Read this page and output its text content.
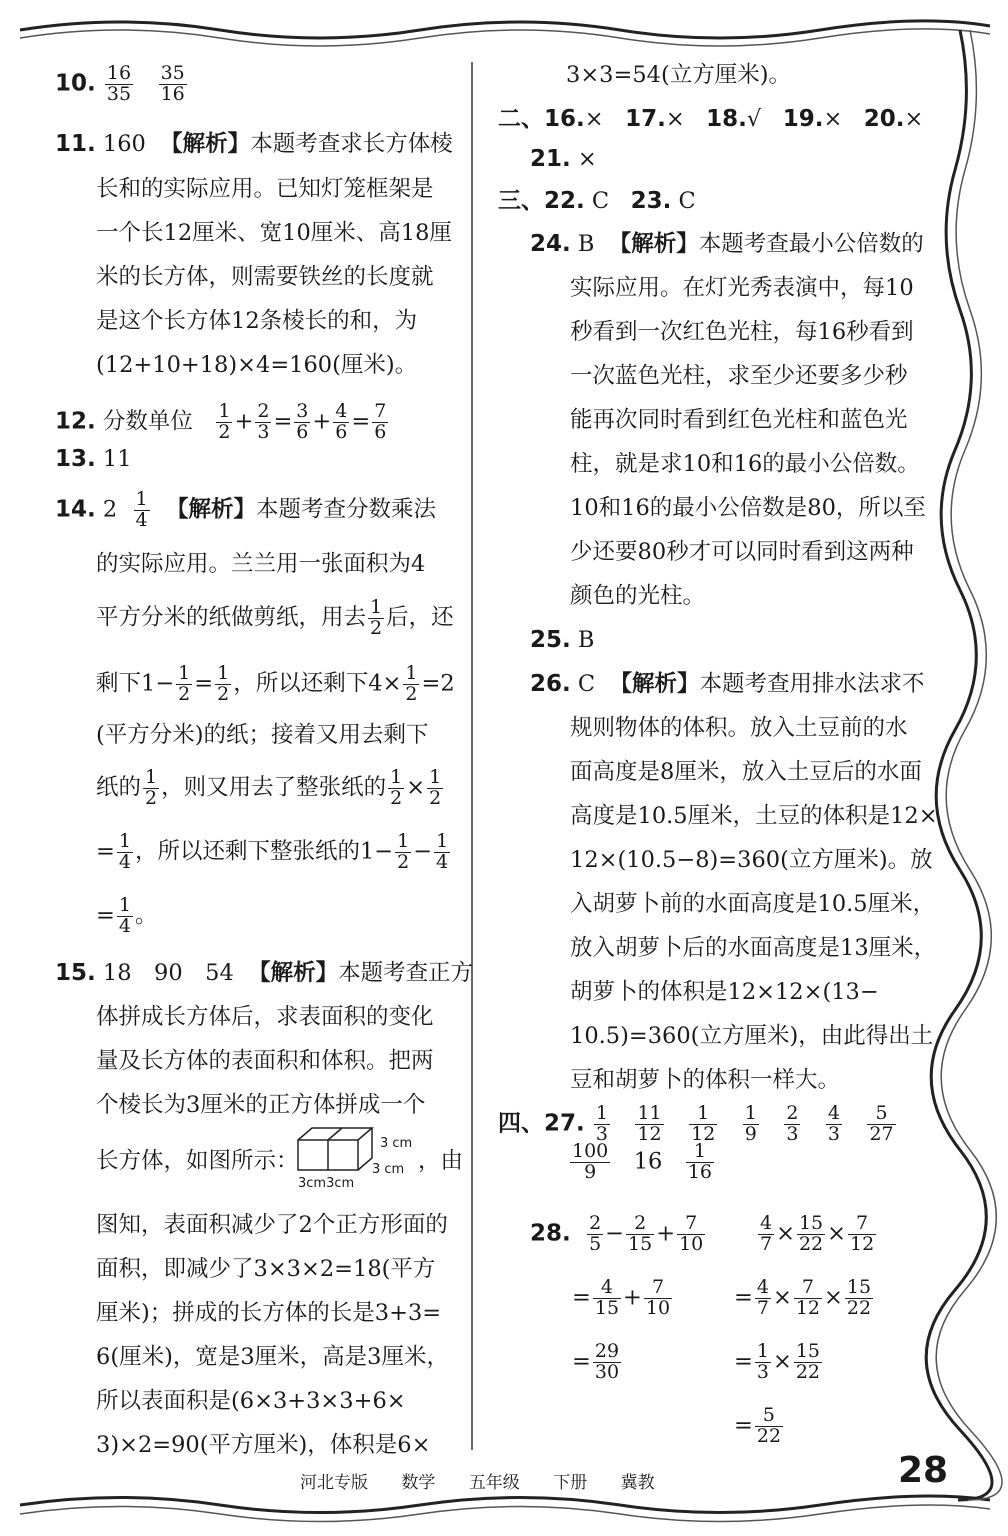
10. $\frac{16}{35}$
$\frac{35}{16}$
11. 160 【解析】本题考查求长方体棱
长和的实际应用。已知灯笼框架是
一个长12厘米、宽10厘米、高18厘
米的长方体，则需要铁丝的长度就
是这个长方体12条棱长的和，为
(12+10+18)×4=160(厘米)。
12. 分数单位 $\frac{1}{2} + \frac{2}{3} = \frac{3}{6} + \frac{4}{6} = \frac{7}{6}$
13. 11
14. $2 \frac{1}{4}$ 【解析】本题考查分数乘法
的实际应用。兰兰用一张面积为4
平方分米的纸做剪纸，用去 $\frac{1}{2}$ 后，还
剩下$1- \frac{1}{2} = \frac{1}{2}$ ，所以还剩下$4\times \frac{1}{2} =2$
(平方分米)的纸；接着又用去剩下
纸的 $\frac{1}{2}$ ，则又用去了整张纸的 $\frac{1}{2} \times \frac{1}{2}$
= $\frac{1}{4}$ ，所以还剩下整张纸的$1- \frac{1}{2} - \frac{1}{4}$
= $\frac{1}{4}$ 。
15. 18　90　54 【解析】本题考查正方
体拼成长方体后，求表面积的变化
量及长方体的表面积和体积。把两
个棱长为3厘米的正方体拼成一个
长方体，如图所示：
3 cm
3 cm
3cm3cm
，由
图知，表面积减少了2个正方形面的
面积，即减少了3×3×2=18(平方
厘米)；拼成的长方体的长是3+3=
6(厘米)，宽是3厘米，高是3厘米，
所以表面积是(6×3+3×3+6×
3)×2=90(平方厘米)，体积是6×
3×3=54(立方厘米)。
二、16.× 17.× 18.√ 19.× 20.×
21. ×
三、22. C 23. C
24. B 【解析】本题考查最小公倍数的
实际应用。在灯光秀表演中，每10
秒看到一次红色光柱，每16秒看到
一次蓝色光柱，求至少还要多少秒
能再次同时看到红色光柱和蓝色光
柱，就是求10和16的最小公倍数。
10和16的最小公倍数是80，所以至
少还要80秒才可以同时看到这两种
颜色的光柱。
25. B
26. C 【解析】本题考查用排水法求不
规则物体的体积。放入土豆前的水
面高度是8厘米，放入土豆后的水面
高度是10.5厘米，土豆的体积是12×
12×(10.5−8)=360(立方厘米)。放
入胡萝卜前的水面高度是10.5厘米，
放入胡萝卜后的水面高度是13厘米，
胡萝卜的体积是12×12×(13−
10.5)=360(立方厘米)，由此得出土
豆和胡萝卜的体积一样大。
四、27. $\frac{1}{3}$
$\frac{11}{12}$
$\frac{1}{12}$
$\frac{1}{9}$
$\frac{2}{3}$
$\frac{4}{3}$
$\frac{5}{27}$
$\frac{100}{9} 16 \frac{1}{16}$
28. $\frac{2}{5} - \frac{2}{15} + \frac{7}{10}$
= $\frac{4}{15} + \frac{7}{10}$
= $\frac{29}{30}$
$\frac{4}{7} \times \frac{15}{22} \times \frac{7}{12}$
= $\frac{4}{7} \times \frac{7}{12} \times \frac{15}{22}$
= $\frac{1}{3} \times \frac{15}{22}$
= $\frac{5}{22}$
河北专版 数学 五年级 下册 冀教	28
